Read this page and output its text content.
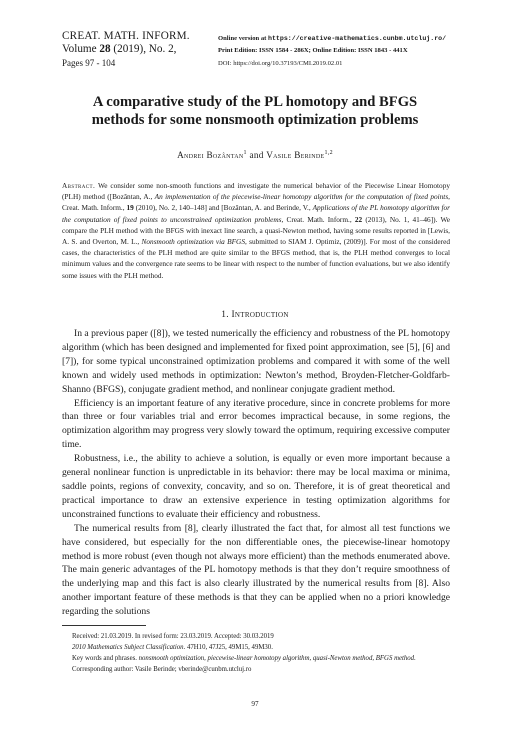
CREAT. MATH. INFORM.
Volume 28 (2019), No. 2,
Pages 97 - 104
Online version at https://creative-mathematics.cunbm.utcluj.ro/
Print Edition: ISSN 1584 - 286X; Online Edition: ISSN 1843 - 441X
DOI: https://doi.org/10.37193/CMI.2019.02.01
A comparative study of the PL homotopy and BFGS
methods for some nonsmooth optimization problems
Andrei Bozântan$^1$ and Vasile Berinde$^{1,2}$
Abstract. We consider some non-smooth functions and investigate the numerical behavior of the Piecewise Linear Homotopy (PLH) method ([Bozântan, A., An implementation of the piecewise-linear homotopy algorithm for the computation of fixed points, Creat. Math. Inform., 19 (2010), No. 2, 140–148] and [Bozântan, A. and Berinde, V., Applications of the PL homotopy algorithm for the computation of fixed points to unconstrained optimization problems, Creat. Math. Inform., 22 (2013), No. 1, 41–46]). We compare the PLH method with the BFGS with inexact line search, a quasi-Newton method, having some results reported in [Lewis, A. S. and Overton, M. L., Nonsmooth optimization via BFGS, submitted to SIAM J. Optimiz, (2009)]. For most of the considered cases, the characteristics of the PLH method are quite similar to the BFGS method, that is, the PLH method converges to local minimum values and the convergence rate seems to be linear with respect to the number of function evaluations, but we also identify some issues with the PLH method.
1. Introduction

In a previous paper ([8]), we tested numerically the efficiency and robustness of the PL homotopy algorithm (which has been designed and implemented for fixed point approximation, see [5], [6] and [7]), for some typical unconstrained optimization problems and compared it with some of the well known and widely used methods in optimization: Newton’s method, Broyden-Fletcher-Goldfarb-Shanno (BFGS), conjugate gradient method, and nonlinear conjugate gradient method.

Efficiency is an important feature of any iterative procedure, since in concrete problems for more than three or four variables trial and error becomes impractical because, in some regions, the optimization algorithm may progress very slowly toward the optimum, requiring excessive computer time.

Robustness, i.e., the ability to achieve a solution, is equally or even more important because a general nonlinear function is unpredictable in its behavior: there may be local maxima or minima, saddle points, regions of convexity, concavity, and so on. Therefore, it is of great theoretical and practical importance to draw an extensive experience in testing optimization algorithms for unconstrained functions to evaluate their efficiency and robustness.

The numerical results from [8], clearly illustrated the fact that, for almost all test functions we have considered, but especially for the non differentiable ones, the piecewise-linear homotopy method is more robust (even though not always more efficient) than the methods enumerated above. The main generic advantages of the PL homotopy methods is that they don’t require smoothness of the underlying map and this fact is also clearly illustrated by the numerical results from [8]. Also another important feature of these methods is that they can be applied when no a priori knowledge regarding the solutions

Received: 21.03.2019. In revised form: 23.03.2019. Accepted: 30.03.2019
2010 Mathematics Subject Classification. 47H10, 47J25, 49M15, 49M30.
Key words and phrases. nonsmooth optimization, piecewise-linear homotopy algorithm, quasi-Newton method, BFGS method.
Corresponding author: Vasile Berinde; vberinde@cunbm.utcluj.ro
97
